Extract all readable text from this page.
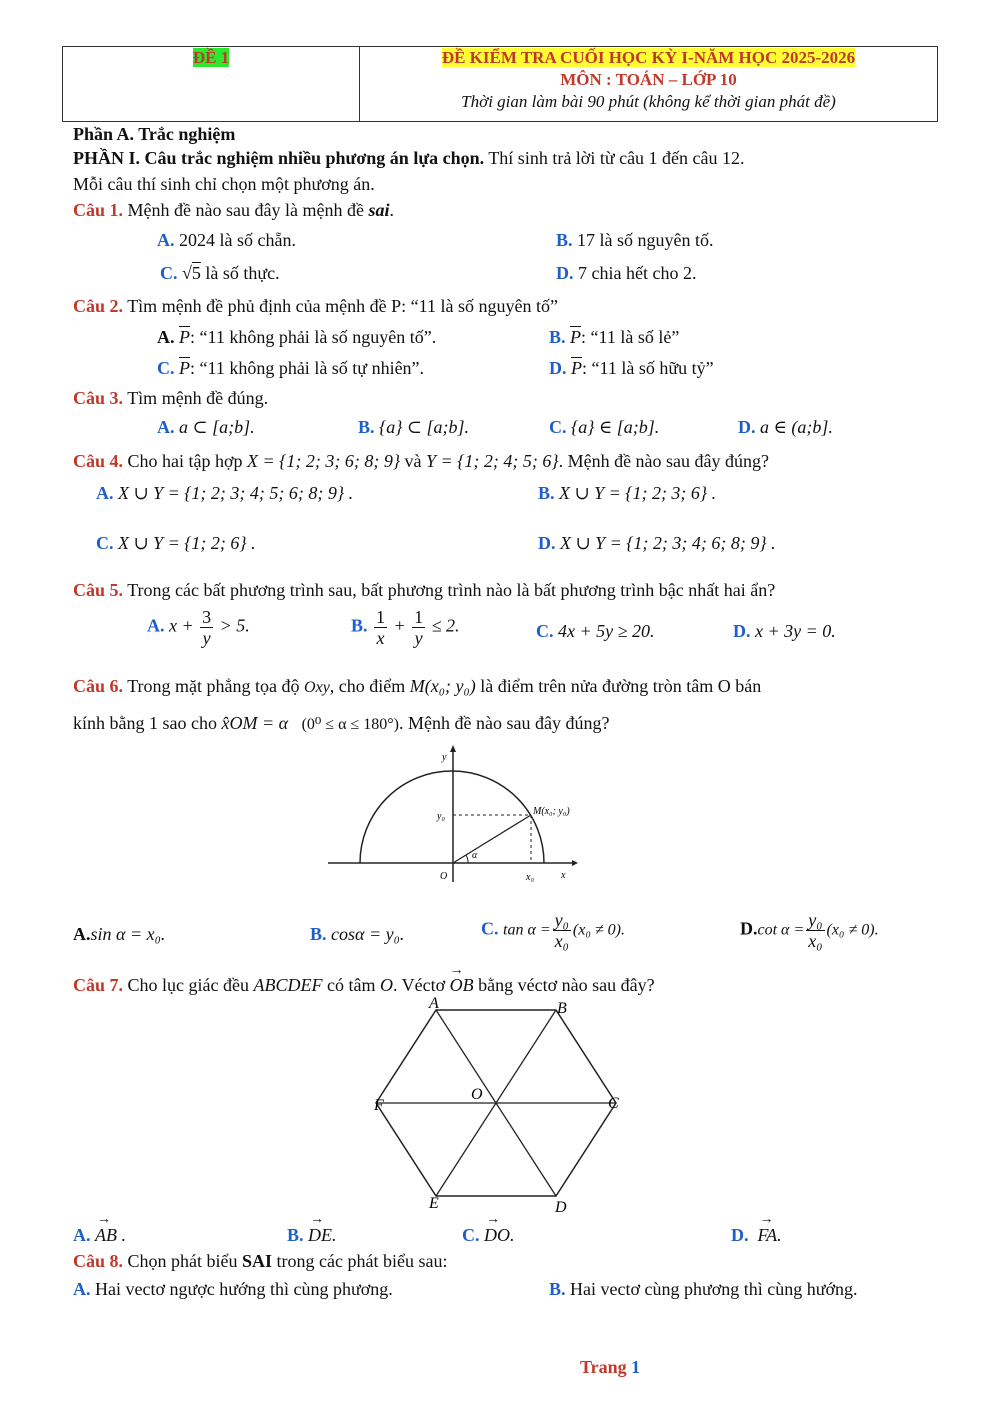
ĐỀ 1	ĐỀ KIỂM TRA CUỐI HỌC KỲ I-NĂM HỌC 2025-2026
MÔN : TOÁN – LỚP 10
Thời gian làm bài 90 phút (không kể thời gian phát đề)
Phần A. Trắc nghiệm
PHẦN I. Câu trắc nghiệm nhiều phương án lựa chọn. Thí sinh trả lời từ câu 1 đến câu 12.
Mỗi câu thí sinh chỉ chọn một phương án.
Câu 1. Mệnh đề nào sau đây là mệnh đề sai.
A. 2024 là số chẵn.	B. 17 là số nguyên tố.
C. √5 là số thực.	D. 7 chia hết cho 2.
Câu 2. Tìm mệnh đề phủ định của mệnh đề P: “11 là số nguyên tố”
A. $\overline{P}$: “11 không phải là số nguyên tố”.	B. $\overline{P}$: “11 là số lẻ”
C. $\overline{P}$: “11 không phải là số tự nhiên”.	D. $\overline{P}$: “11 là số hữu tỷ”
Câu 3. Tìm mệnh đề đúng.
A. a ⊂ [a;b].	B. {a} ⊂ [a;b].	C. {a} ∈ [a;b].	D. a ∈ (a;b].
Câu 4. Cho hai tập hợp X = {1; 2; 3; 6; 8; 9} và Y = {1; 2; 4; 5; 6}. Mệnh đề nào sau đây đúng?
A. X ∪ Y = {1; 2; 3; 4; 5; 6; 8; 9} .	B. X ∪ Y = {1; 2; 3; 6} .
C. X ∪ Y = {1; 2; 6} .	D. X ∪ Y = {1; 2; 3; 4; 6; 8; 9} .
Câu 5. Trong các bất phương trình sau, bất phương trình nào là bất phương trình bậc nhất hai ẩn?
A. $x + \frac{3}{y} > 5$.	B. $\frac{1}{x} + \frac{1}{y} \le 2$.	C. 4x + 5y ≥ 20.	D. x + 3y = 0.
Câu 6. Trong mặt phẳng tọa độ Oxy, cho điểm M(x₀; y₀) là điểm trên nửa đường tròn tâm O bán
kính bằng 1 sao cho x̂OM = α (0⁰ ≤ α ≤ 180°). Mệnh đề nào sau đây đúng?
y
x
O
y₀
x₀
α
M(x₀; y₀)
A.sin α = x₀.	B. cosα = y₀.	C. $\tan \alpha = \frac{\text{y₀}}{\text{x₀}} (x_0 \ne 0)$.	D.cot $\alpha = \frac{\text{y₀}}{\text{x₀}} (x_0 \ne 0)$.
Câu 7. Cho lục giác đều ABCDEF có tâm O. Véctơ
→
OB bằng véctơ nào sau đây?
A	B
C
D
E
F
O
A.
→
AB .	B.
→
DE.	C.
→
DO.	D.
→
FA.
Câu 8. Chọn phát biểu SAI trong các phát biểu sau:
A. Hai vectơ ngược hướng thì cùng phương.	B. Hai vectơ cùng phương thì cùng hướng.
Trang 1
